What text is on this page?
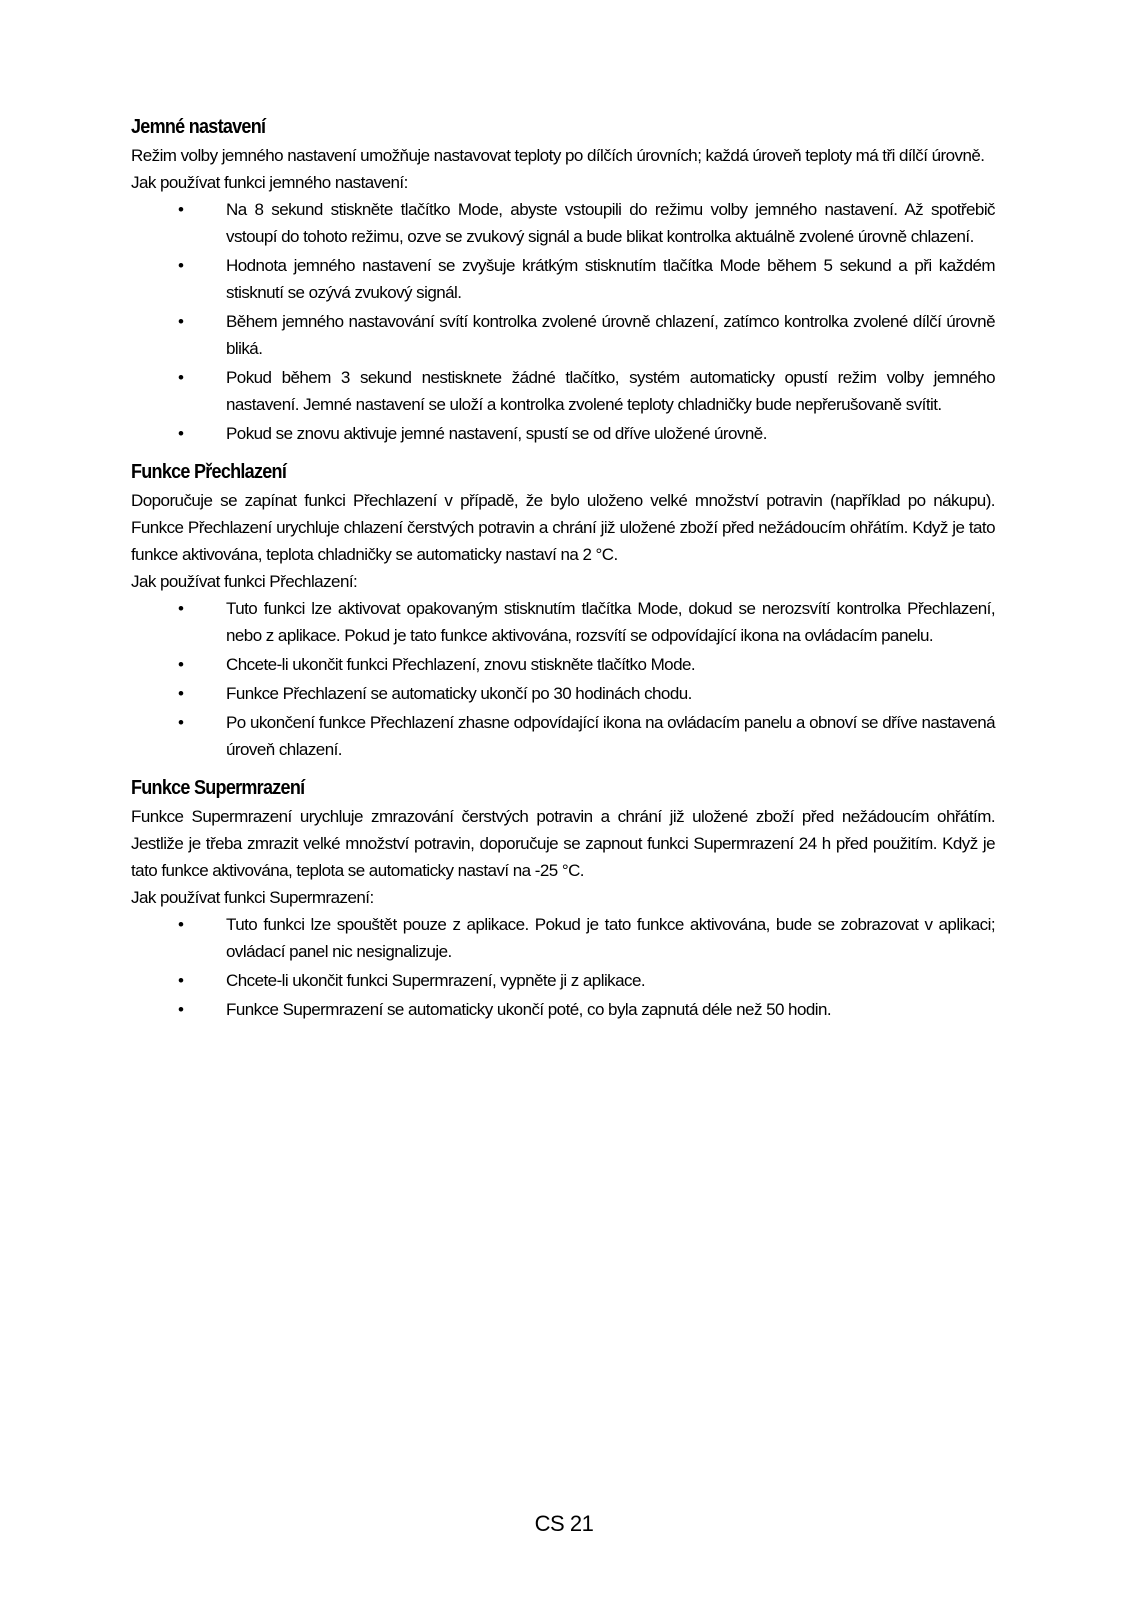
Jemné nastavení

Režim volby jemného nastavení umožňuje nastavovat teploty po dílčích úrovních; každá úroveň teploty má tři dílčí úrovně.

Jak používat funkci jemného nastavení:

•	Na 8 sekund stiskněte tlačítko Mode, abyste vstoupili do režimu volby jemného nastavení. Až spotřebič vstoupí do tohoto režimu, ozve se zvukový signál a bude blikat kontrolka aktuálně zvolené úrovně chlazení.
•	Hodnota jemného nastavení se zvyšuje krátkým stisknutím tlačítka Mode během 5 sekund a při každém stisknutí se ozývá zvukový signál.
•	Během jemného nastavování svítí kontrolka zvolené úrovně chlazení, zatímco kontrolka zvolené dílčí úrovně bliká.
•	Pokud během 3 sekund nestisknete žádné tlačítko, systém automaticky opustí režim volby jemného nastavení. Jemné nastavení se uloží a kontrolka zvolené teploty chladničky bude nepřerušovaně svítit.
•	Pokud se znovu aktivuje jemné nastavení, spustí se od dříve uložené úrovně.
Funkce Přechlazení

Doporučuje se zapínat funkci Přechlazení v případě, že bylo uloženo velké množství potravin (například po nákupu). Funkce Přechlazení urychluje chlazení čerstvých potravin a chrání již uložené zboží před nežádoucím ohřátím. Když je tato funkce aktivována, teplota chladničky se automaticky nastaví na 2 °C.

Jak používat funkci Přechlazení:

•	Tuto funkci lze aktivovat opakovaným stisknutím tlačítka Mode, dokud se nerozsvítí kontrolka Přechlazení, nebo z aplikace. Pokud je tato funkce aktivována, rozsvítí se odpovídající ikona na ovládacím panelu.
•	Chcete-li ukončit funkci Přechlazení, znovu stiskněte tlačítko Mode.
•	Funkce Přechlazení se automaticky ukončí po 30 hodinách chodu.
•	Po ukončení funkce Přechlazení zhasne odpovídající ikona na ovládacím panelu a obnoví se dříve nastavená úroveň chlazení.
Funkce Supermrazení

Funkce Supermrazení urychluje zmrazování čerstvých potravin a chrání již uložené zboží před nežádoucím ohřátím. Jestliže je třeba zmrazit velké množství potravin, doporučuje se zapnout funkci Supermrazení 24 h před použitím. Když je tato funkce aktivována, teplota se automaticky nastaví na -25 °C.

Jak používat funkci Supermrazení:

•	Tuto funkci lze spouštět pouze z aplikace. Pokud je tato funkce aktivována, bude se zobrazovat v aplikaci; ovládací panel nic nesignalizuje.
•	Chcete-li ukončit funkci Supermrazení, vypněte ji z aplikace.
•	Funkce Supermrazení se automaticky ukončí poté, co byla zapnutá déle než 50 hodin.
CS 21
